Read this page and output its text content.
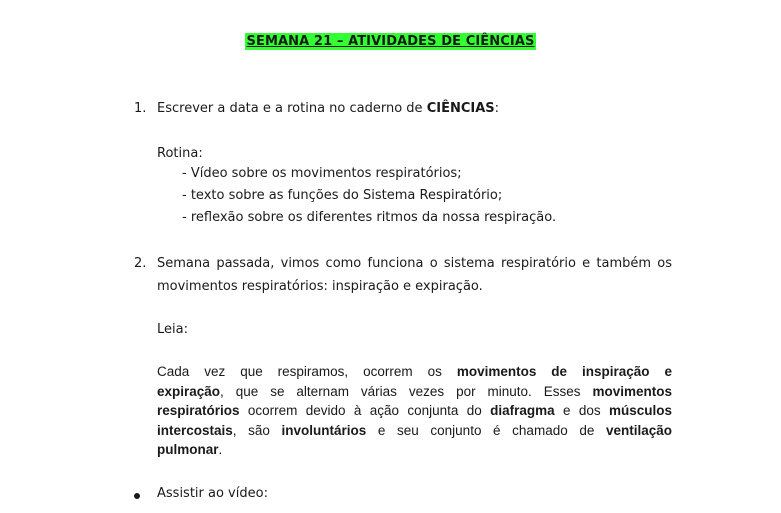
SEMANA 21 – ATIVIDADES DE CIÊNCIAS
1. Escrever a data e a rotina no caderno de CIÊNCIAS:
Rotina:
- Vídeo sobre os movimentos respiratórios;
- texto sobre as funções do Sistema Respiratório;
- reflexão sobre os diferentes ritmos da nossa respiração.
2. Semana passada, vimos como funciona o sistema respiratório e também os
movimentos respiratórios: inspiração e expiração.
Leia:
Cada vez que respiramos, ocorrem os movimentos de inspiração e
expiração, que se alternam várias vezes por minuto. Esses movimentos
respiratórios ocorrem devido à ação conjunta do diafragma e dos músculos
intercostais, são involuntários e seu conjunto é chamado de ventilação
pulmonar.
Assistir ao vídeo:
